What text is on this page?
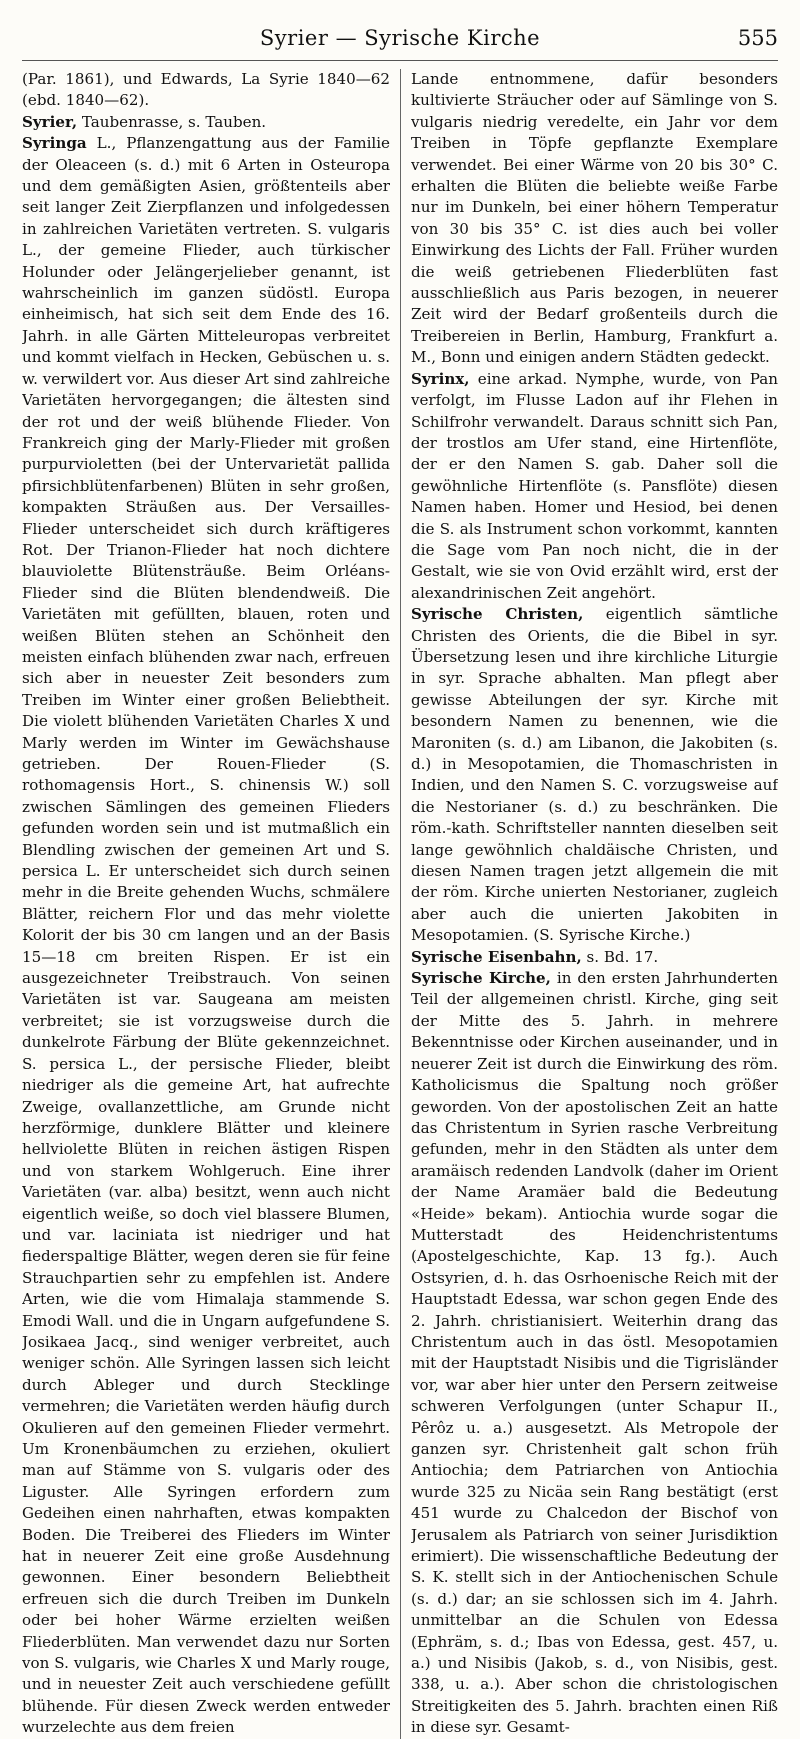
Syrier — Syrische Kirche	555

(Par. 1861), und Edwards, La Syrie 1840—62 (ebd. 1840—62).

Syrier, Taubenrasse, s. Tauben.

Syringa L., Pflanzengattung aus der Familie der Oleaceen (s. d.) mit 6 Arten in Osteuropa und dem gemäßigten Asien, größtenteils aber seit langer Zeit Zierpflanzen und infolgedessen in zahlreichen Varietäten vertreten. S. vulgaris L., der gemeine Flieder, auch türkischer Holunder oder Jelängerjelieber genannt, ist wahrscheinlich im ganzen südöstl. Europa einheimisch, hat sich seit dem Ende des 16. Jahrh. in alle Gärten Mitteleuropas verbreitet und kommt vielfach in Hecken, Gebüschen u. s. w. verwildert vor. Aus dieser Art sind zahlreiche Varietäten hervorgegangen; die ältesten sind der rot und der weiß blühende Flieder. Von Frankreich ging der Marly-Flieder mit großen purpurvioletten (bei der Untervarietät pallida pfirsichblütenfarbenen) Blüten in sehr großen, kompakten Sträußen aus. Der Versailles-Flieder unterscheidet sich durch kräftigeres Rot. Der Trianon-Flieder hat noch dichtere blauviolette Blütensträuße. Beim Orléans-Flieder sind die Blüten blendendweiß. Die Varietäten mit gefüllten, blauen, roten und weißen Blüten stehen an Schönheit den meisten einfach blühenden zwar nach, erfreuen sich aber in neuester Zeit besonders zum Treiben im Winter einer großen Beliebtheit. Die violett blühenden Varietäten Charles X und Marly werden im Winter im Gewächshause getrieben. Der Rouen-Flieder (S. rothomagensis Hort., S. chinensis W.) soll zwischen Sämlingen des gemeinen Flieders gefunden worden sein und ist mutmaßlich ein Blendling zwischen der gemeinen Art und S. persica L. Er unterscheidet sich durch seinen mehr in die Breite gehenden Wuchs, schmälere Blätter, reichern Flor und das mehr violette Kolorit der bis 30 cm langen und an der Basis 15—18 cm breiten Rispen. Er ist ein ausgezeichneter Treibstrauch. Von seinen Varietäten ist var. Saugeana am meisten verbreitet; sie ist vorzugsweise durch die dunkelrote Färbung der Blüte gekennzeichnet. S. persica L., der persische Flieder, bleibt niedriger als die gemeine Art, hat aufrechte Zweige, ovallanzettliche, am Grunde nicht herzförmige, dunklere Blätter und kleinere hellviolette Blüten in reichen ästigen Rispen und von starkem Wohlgeruch. Eine ihrer Varietäten (var. alba) besitzt, wenn auch nicht eigentlich weiße, so doch viel blassere Blumen, und var. laciniata ist niedriger und hat fiederspaltige Blätter, wegen deren sie für feine Strauchpartien sehr zu empfehlen ist. Andere Arten, wie die vom Himalaja stammende S. Emodi Wall. und die in Ungarn aufgefundene S. Josikaea Jacq., sind weniger verbreitet, auch weniger schön. Alle Syringen lassen sich leicht durch Ableger und durch Stecklinge vermehren; die Varietäten werden häufig durch Okulieren auf den gemeinen Flieder vermehrt. Um Kronenbäumchen zu erziehen, okuliert man auf Stämme von S. vulgaris oder des Liguster. Alle Syringen erfordern zum Gedeihen einen nahrhaften, etwas kompakten Boden. Die Treiberei des Flieders im Winter hat in neuerer Zeit eine große Ausdehnung gewonnen. Einer besondern Beliebtheit erfreuen sich die durch Treiben im Dunkeln oder bei hoher Wärme erzielten weißen Fliederblüten. Man verwendet dazu nur Sorten von S. vulgaris, wie Charles X und Marly rouge, und in neuester Zeit auch verschiedene gefüllt blühende. Für diesen Zweck werden entweder wurzelechte aus dem freien

Lande entnommene, dafür besonders kultivierte Sträucher oder auf Sämlinge von S. vulgaris niedrig veredelte, ein Jahr vor dem Treiben in Töpfe gepflanzte Exemplare verwendet. Bei einer Wärme von 20 bis 30° C. erhalten die Blüten die beliebte weiße Farbe nur im Dunkeln, bei einer höhern Temperatur von 30 bis 35° C. ist dies auch bei voller Einwirkung des Lichts der Fall. Früher wurden die weiß getriebenen Fliederblüten fast ausschließlich aus Paris bezogen, in neuerer Zeit wird der Bedarf großenteils durch die Treibereien in Berlin, Hamburg, Frankfurt a. M., Bonn und einigen andern Städten gedeckt.

Syrinx, eine arkad. Nymphe, wurde, von Pan verfolgt, im Flusse Ladon auf ihr Flehen in Schilfrohr verwandelt. Daraus schnitt sich Pan, der trostlos am Ufer stand, eine Hirtenflöte, der er den Namen S. gab. Daher soll die gewöhnliche Hirtenflöte (s. Pansflöte) diesen Namen haben. Homer und Hesiod, bei denen die S. als Instrument schon vorkommt, kannten die Sage vom Pan noch nicht, die in der Gestalt, wie sie von Ovid erzählt wird, erst der alexandrinischen Zeit angehört.

Syrische Christen, eigentlich sämtliche Christen des Orients, die die Bibel in syr. Übersetzung lesen und ihre kirchliche Liturgie in syr. Sprache abhalten. Man pflegt aber gewisse Abteilungen der syr. Kirche mit besondern Namen zu benennen, wie die Maroniten (s. d.) am Libanon, die Jakobiten (s. d.) in Mesopotamien, die Thomaschristen in Indien, und den Namen S. C. vorzugsweise auf die Nestorianer (s. d.) zu beschränken. Die röm.-kath. Schriftsteller nannten dieselben seit lange gewöhnlich chaldäische Christen, und diesen Namen tragen jetzt allgemein die mit der röm. Kirche unierten Nestorianer, zugleich aber auch die unierten Jakobiten in Mesopotamien. (S. Syrische Kirche.)

Syrische Eisenbahn, s. Bd. 17.

Syrische Kirche, in den ersten Jahrhunderten Teil der allgemeinen christl. Kirche, ging seit der Mitte des 5. Jahrh. in mehrere Bekenntnisse oder Kirchen auseinander, und in neuerer Zeit ist durch die Einwirkung des röm. Katholicismus die Spaltung noch größer geworden. Von der apostolischen Zeit an hatte das Christentum in Syrien rasche Verbreitung gefunden, mehr in den Städten als unter dem aramäisch redenden Landvolk (daher im Orient der Name Aramäer bald die Bedeutung «Heide» bekam). Antiochia wurde sogar die Mutterstadt des Heidenchristentums (Apostelgeschichte, Kap. 13 fg.). Auch Ostsyrien, d. h. das Osrhoenische Reich mit der Hauptstadt Edessa, war schon gegen Ende des 2. Jahrh. christianisiert. Weiterhin drang das Christentum auch in das östl. Mesopotamien mit der Hauptstadt Nisibis und die Tigrisländer vor, war aber hier unter den Persern zeitweise schweren Verfolgungen (unter Schapur II., Pêrôz u. a.) ausgesetzt. Als Metropole der ganzen syr. Christenheit galt schon früh Antiochia; dem Patriarchen von Antiochia wurde 325 zu Nicäa sein Rang bestätigt (erst 451 wurde zu Chalcedon der Bischof von Jerusalem als Patriarch von seiner Jurisdiktion erimiert). Die wissenschaftliche Bedeutung der S. K. stellt sich in der Antiochenischen Schule (s. d.) dar; an sie schlossen sich im 4. Jahrh. unmittelbar an die Schulen von Edessa (Ephräm, s. d.; Ibas von Edessa, gest. 457, u. a.) und Nisibis (Jakob, s. d., von Nisibis, gest. 338, u. a.). Aber schon die christologischen Streitigkeiten des 5. Jahrh. brachten einen Riß in diese syr. Gesamt-
